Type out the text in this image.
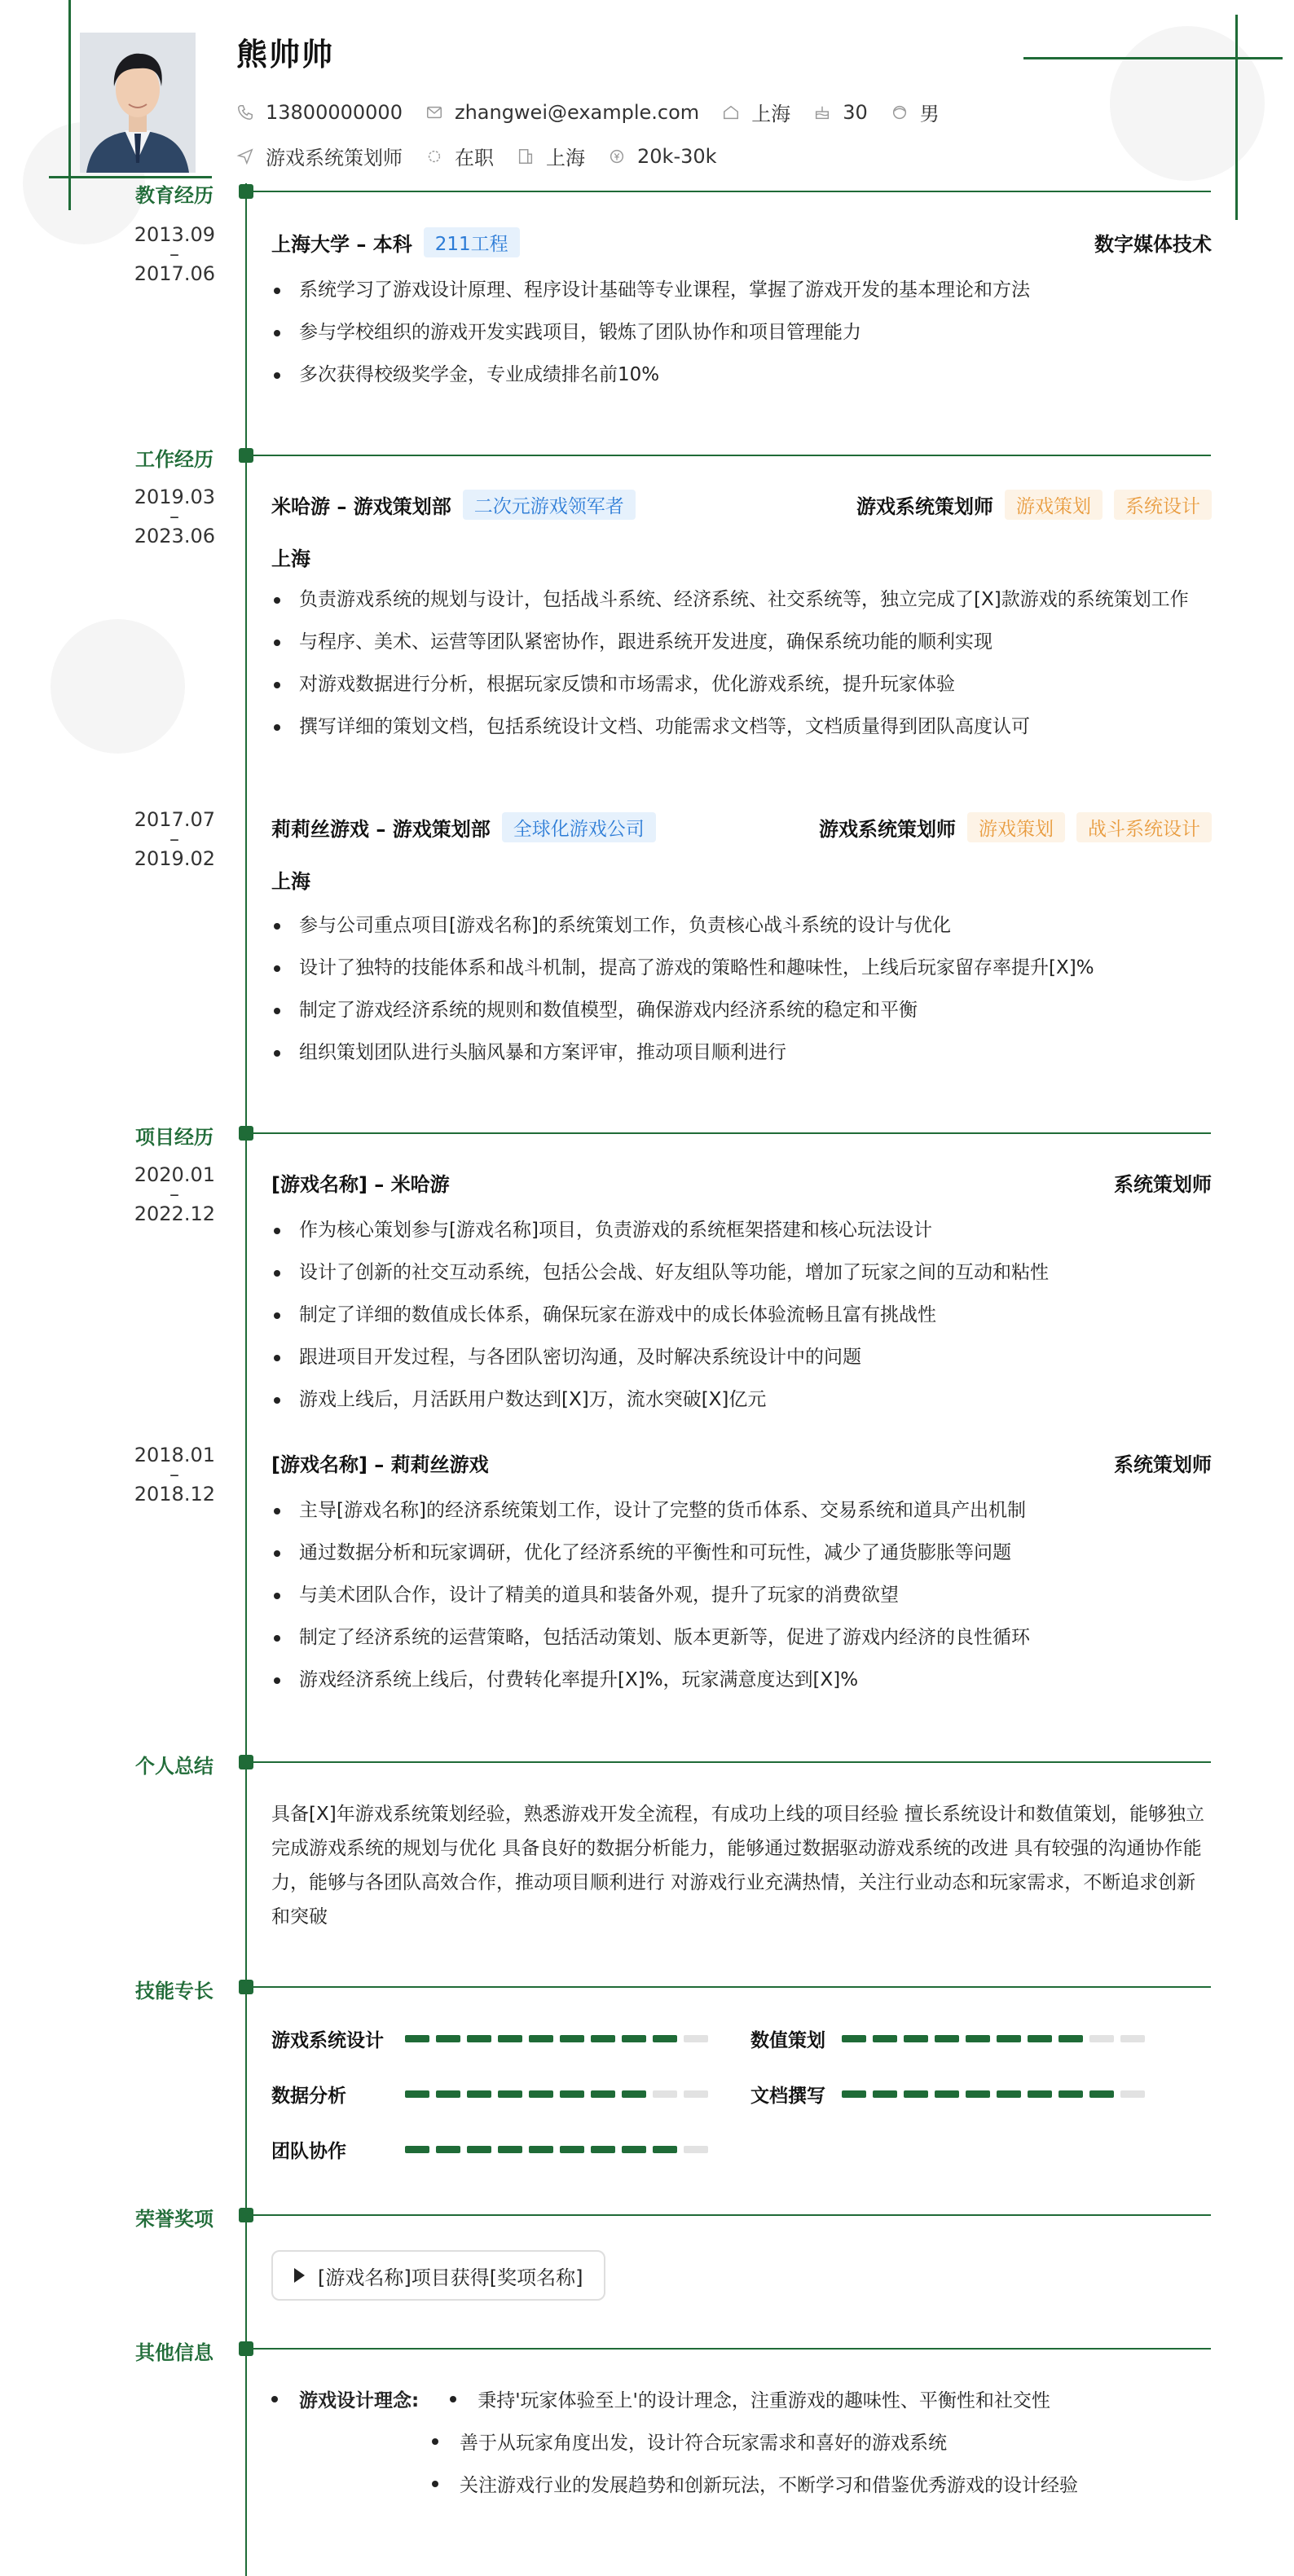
熊帅帅
13800000000	zhangwei@example.com	上海	30	男
游戏系统策划师	在职	上海	20k-30k
教育经历
2013.09
–
2017.06
上海大学 – 本科	211工程	数字媒体技术
系统学习了游戏设计原理、程序设计基础等专业课程，掌握了游戏开发的基本理论和方法
参与学校组织的游戏开发实践项目，锻炼了团队协作和项目管理能力
多次获得校级奖学金，专业成绩排名前10%
工作经历
2019.03
–
2023.06
米哈游 – 游戏策划部	二次元游戏领军者	游戏系统策划师	游戏策划	系统设计
上海
负责游戏系统的规划与设计，包括战斗系统、经济系统、社交系统等，独立完成了[X]款游戏的系统策划工作
与程序、美术、运营等团队紧密协作，跟进系统开发进度，确保系统功能的顺利实现
对游戏数据进行分析，根据玩家反馈和市场需求，优化游戏系统，提升玩家体验
撰写详细的策划文档，包括系统设计文档、功能需求文档等，文档质量得到团队高度认可
2017.07
–
2019.02
莉莉丝游戏 – 游戏策划部	全球化游戏公司	游戏系统策划师	游戏策划	战斗系统设计
上海
参与公司重点项目[游戏名称]的系统策划工作，负责核心战斗系统的设计与优化
设计了独特的技能体系和战斗机制，提高了游戏的策略性和趣味性，上线后玩家留存率提升[X]%
制定了游戏经济系统的规则和数值模型，确保游戏内经济系统的稳定和平衡
组织策划团队进行头脑风暴和方案评审，推动项目顺利进行
项目经历
2020.01
–
2022.12
[游戏名称] – 米哈游	系统策划师
作为核心策划参与[游戏名称]项目，负责游戏的系统框架搭建和核心玩法设计
设计了创新的社交互动系统，包括公会战、好友组队等功能，增加了玩家之间的互动和粘性
制定了详细的数值成长体系，确保玩家在游戏中的成长体验流畅且富有挑战性
跟进项目开发过程，与各团队密切沟通，及时解决系统设计中的问题
游戏上线后，月活跃用户数达到[X]万，流水突破[X]亿元
2018.01
–
2018.12
[游戏名称] – 莉莉丝游戏	系统策划师
主导[游戏名称]的经济系统策划工作，设计了完整的货币体系、交易系统和道具产出机制
通过数据分析和玩家调研，优化了经济系统的平衡性和可玩性，减少了通货膨胀等问题
与美术团队合作，设计了精美的道具和装备外观，提升了玩家的消费欲望
制定了经济系统的运营策略，包括活动策划、版本更新等，促进了游戏内经济的良性循环
游戏经济系统上线后，付费转化率提升[X]%，玩家满意度达到[X]%
个人总结
具备[X]年游戏系统策划经验，熟悉游戏开发全流程，有成功上线的项目经验 擅长系统设计和数值策划，能够独立完成游戏系统的规划与优化 具备良好的数据分析能力，能够通过数据驱动游戏系统的改进 具有较强的沟通协作能力，能够与各团队高效合作，推动项目顺利进行 对游戏行业充满热情，关注行业动态和玩家需求，不断追求创新和突破
技能专长
游戏系统设计	数值策划
数据分析	文档撰写
团队协作
荣誉奖项
[游戏名称]项目获得[奖项名称]
其他信息
游戏设计理念:	秉持'玩家体验至上'的设计理念，注重游戏的趣味性、平衡性和社交性
善于从玩家角度出发，设计符合玩家需求和喜好的游戏系统
关注游戏行业的发展趋势和创新玩法，不断学习和借鉴优秀游戏的设计经验
